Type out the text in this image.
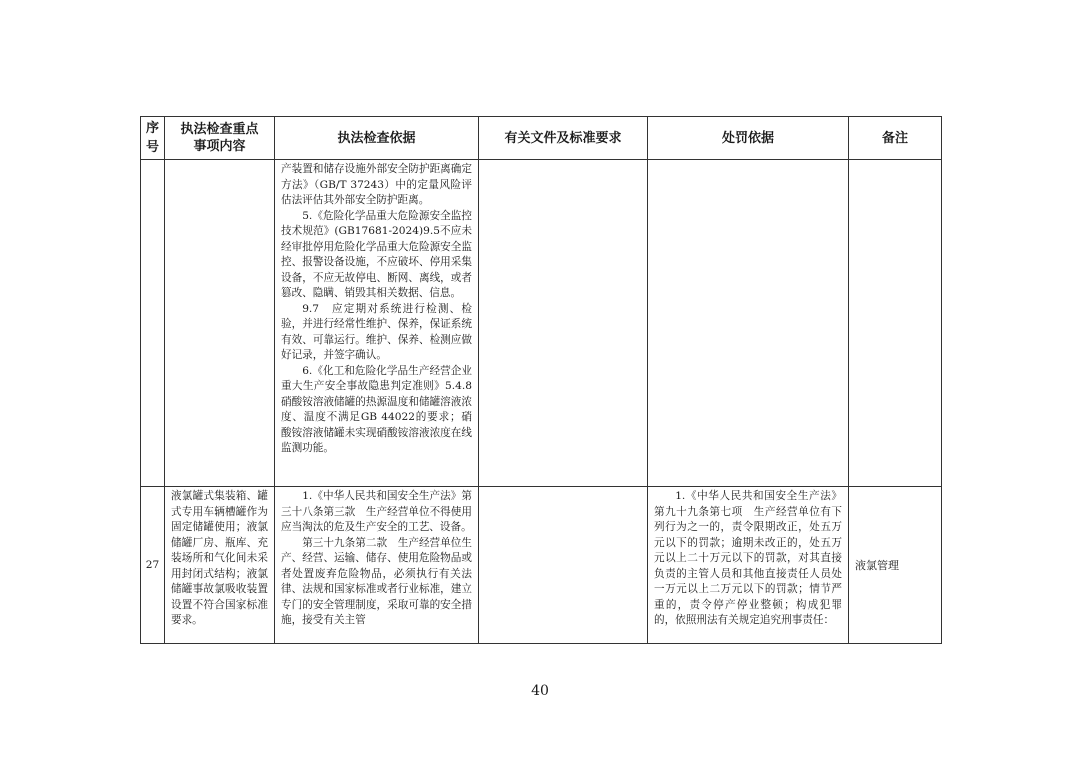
序号	执法检查重点事项内容	执法检查依据	有关文件及标准要求	处罚依据	备注

		产装置和储存设施外部安全防护距离确定方法》（GB/T 37243）中的定量风险评估法评估其外部安全防护距离。

5.《危险化学品重大危险源安全监控技术规范》(GB17681-2024)9.5不应未经审批停用危险化学品重大危险源安全监控、报警设备设施，不应破坏、停用采集设备，不应无故停电、断网、离线，或者篡改、隐瞒、销毁其相关数据、信息。

9.7　应定期对系统进行检测、检验，并进行经常性维护、保养，保证系统有效、可靠运行。维护、保养、检测应做好记录，并签字确认。

6.《化工和危险化学品生产经营企业重大生产安全事故隐患判定准则》5.4.8 硝酸铵溶液储罐的热源温度和储罐溶液浓度、温度不满足GB 44022的要求；硝酸铵溶液储罐未实现硝酸铵溶液浓度在线监测功能。			

27	液氯罐式集装箱、罐式专用车辆槽罐作为固定储罐使用；液氯储罐厂房、瓶库、充装场所和气化间未采用封闭式结构；液氯储罐事故氯吸收装置设置不符合国家标准要求。	1.《中华人民共和国安全生产法》第三十八条第三款　生产经营单位不得使用应当淘汰的危及生产安全的工艺、设备。

第三十九条第二款　生产经营单位生产、经营、运输、储存、使用危险物品或者处置废弃危险物品，必须执行有关法律、法规和国家标准或者行业标准，建立专门的安全管理制度，采取可靠的安全措施，接受有关主管		1.《中华人民共和国安全生产法》第九十九条第七项　生产经营单位有下列行为之一的，责令限期改正，处五万元以下的罚款；逾期未改正的，处五万元以上二十万元以下的罚款，对其直接负责的主管人员和其他直接责任人员处一万元以上二万元以下的罚款；情节严重的，责令停产停业整顿；构成犯罪的，依照刑法有关规定追究刑事责任：	液氯管理
40
